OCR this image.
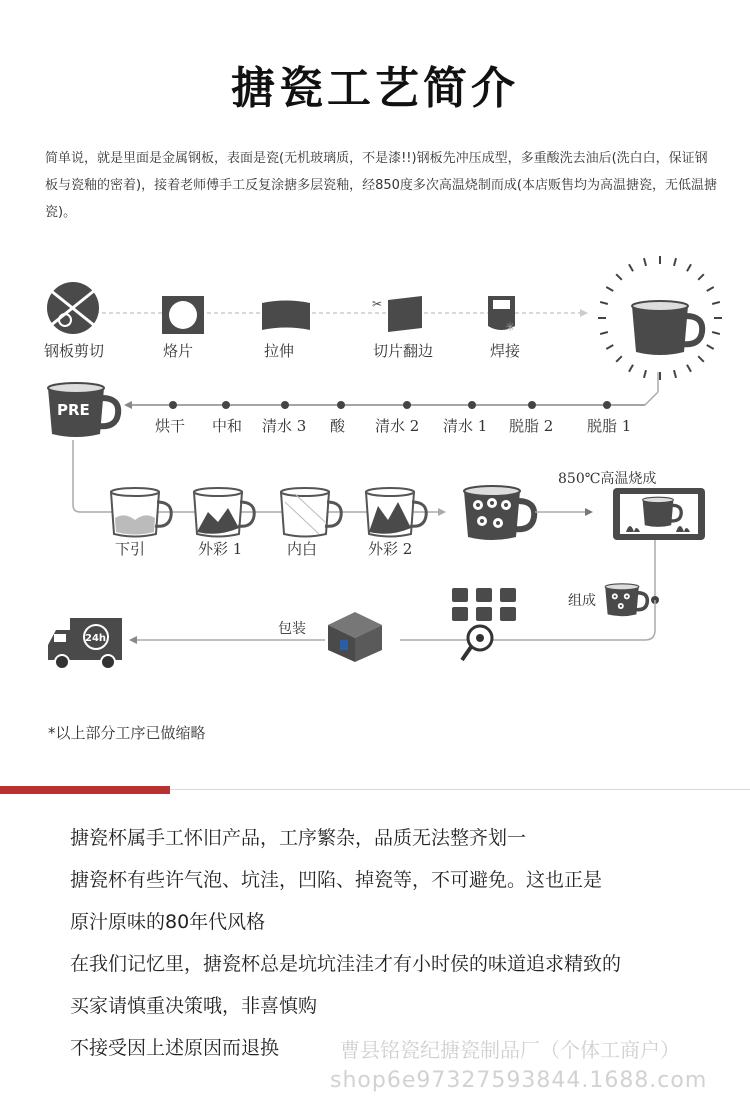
搪瓷工艺简介
简单说，就是里面是金属钢板，表面是瓷(无机玻璃质，不是漆!!)钢板先冲压成型，多重酸洗去油后(洗白白，保证钢板与瓷釉的密着)，接着老师傅手工反复涂搪多层瓷釉，经850度多次高温烧制而成(本店贩售均为高温搪瓷，无低温搪瓷)。
✂
✳
钢板剪切	烙片	拉伸	切片翻边	焊接
PRE
烘干 中和 清水 3 酸 清水 2 清水 1 脱脂 2 脱脂 1
下引	外彩 1	内白	外彩 2
850℃高温烧成
组成
包装
24h
*以上部分工序已做缩略
搪瓷杯属手工怀旧产品，工序繁杂，品质无法整齐划一
搪瓷杯有些许气泡、坑洼，凹陷、掉瓷等，不可避免。这也正是
原汁原味的80年代风格
在我们记忆里，搪瓷杯总是坑坑洼洼才有小时侯的味道追求精致的
买家请慎重决策哦，非喜慎购
不接受因上述原因而退换	曹县铭瓷纪搪瓷制品厂（个体工商户）
shop6e97327593844.1688.com
